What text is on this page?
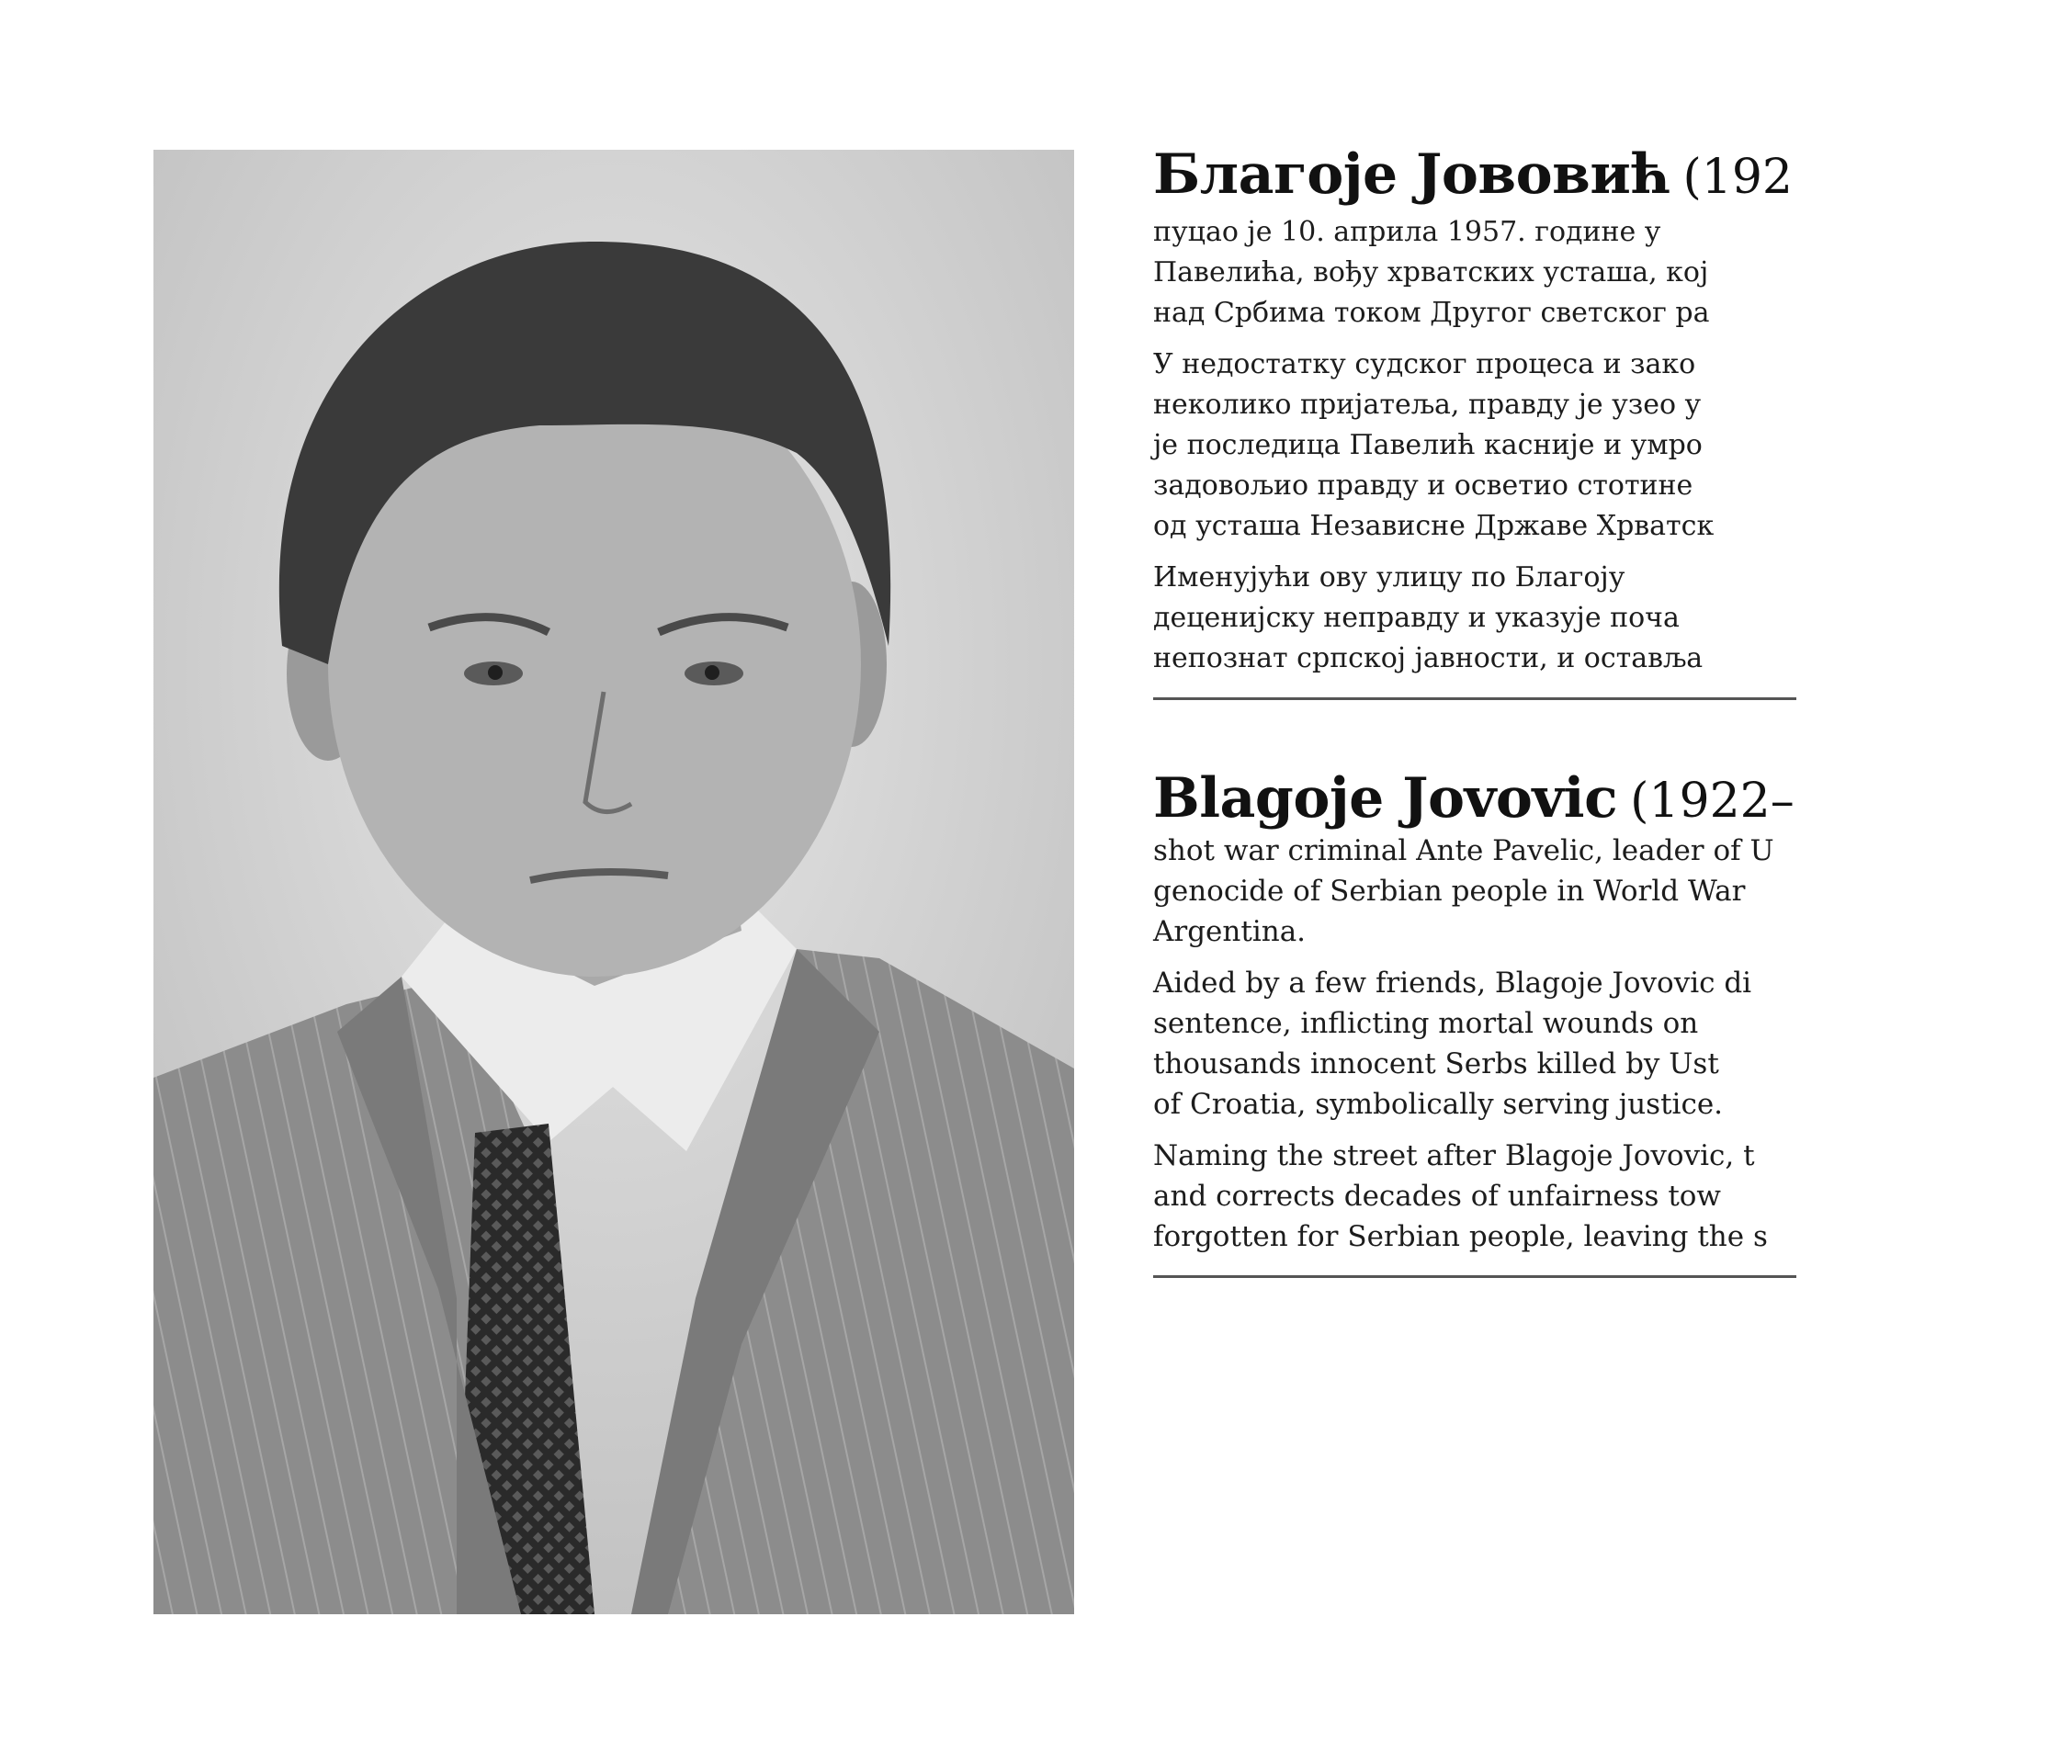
Благоје Јововић (192

пуцао је 10. априла 1957. године у
Павелића, вођу хрватских усташа, кој
над Србима током Другог светског ра

У недостатку судског процеса и зако
неколико пријатеља, правду је узео у
је последица Павелић касније и умро
задовољио правду и осветио стотине
од усташа Независне Државе Хрватск

Именујући ову улицу по Благоју
деценијску неправду и указује поча
непознат српској јавности, и оставља

Blagoje Jovovic (1922–

shot war criminal Ante Pavelic, leader of U
genocide of Serbian people in World War
Argentina.

Aided by a few friends, Blagoje Jovovic di
sentence, inflicting mortal wounds on
thousands innocent Serbs killed by Ust
of Croatia, symbolically serving justice.

Naming the street after Blagoje Jovovic, t
and corrects decades of unfairness tow
forgotten for Serbian people, leaving the s
